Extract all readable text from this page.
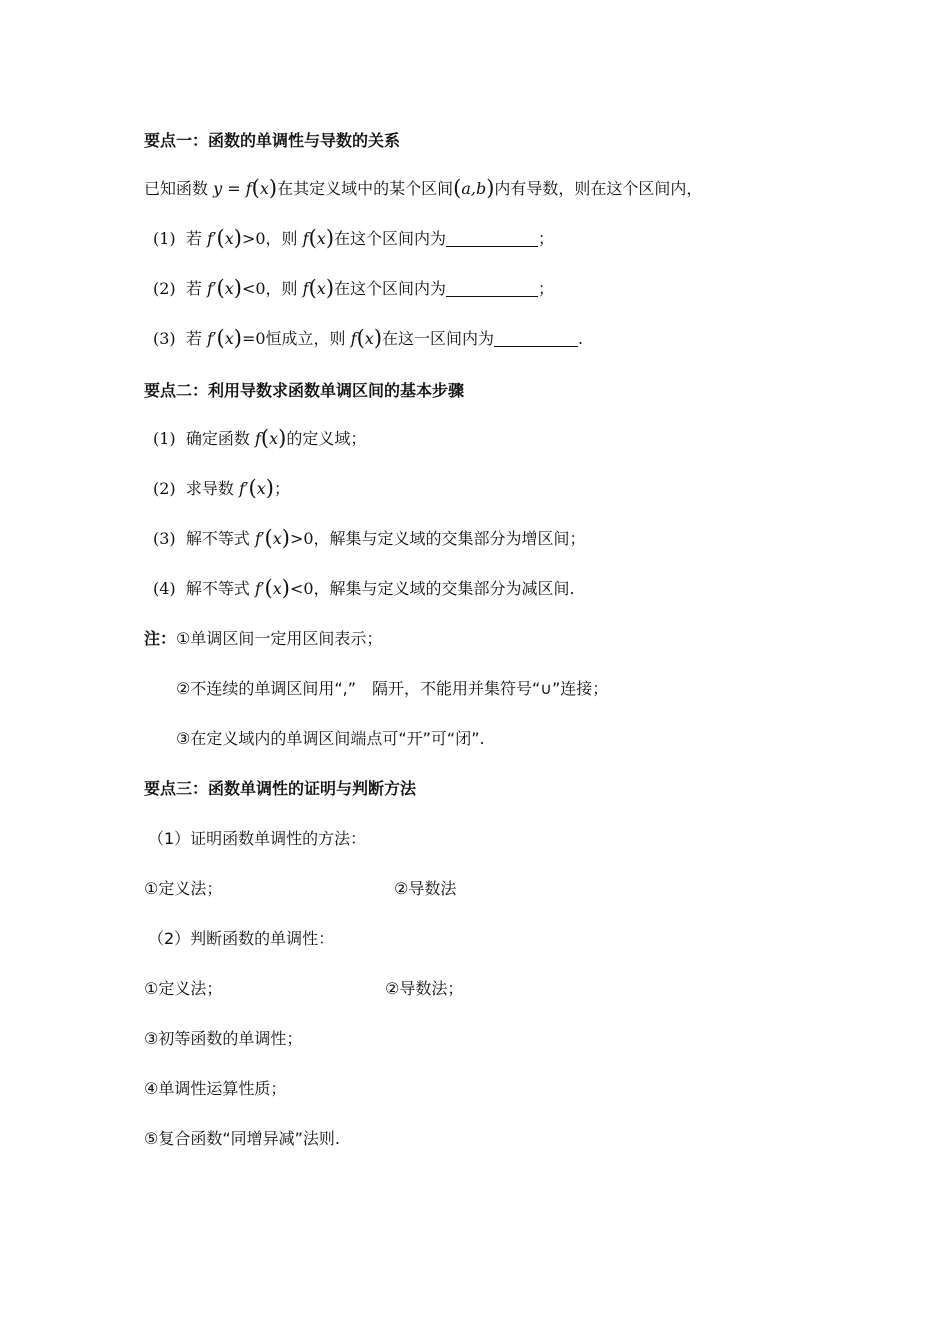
要点一：函数的单调性与导数的关系
已知函数 y = f(x)在其定义域中的某个区间(a,b)内有导数，则在这个区间内，
(1) 若 f′(x)>0，则 f(x)在这个区间内为	；
(2) 若 f′(x)<0，则 f(x)在这个区间内为	；
(3) 若 f′(x)=0恒成立，则 f(x)在这一区间内为	.
要点二：利用导数求函数单调区间的基本步骤
(1) 确定函数 f(x)的定义域；
(2) 求导数 f′(x)；
(3) 解不等式 f′(x)>0，解集与定义域的交集部分为增区间；
(4) 解不等式 f′(x)<0，解集与定义域的交集部分为减区间.
注：①单调区间一定用区间表示；
②不连续的单调区间用“,”　隔开，不能用并集符号“∪”连接；
③在定义域内的单调区间端点可“开”可“闭”.
要点三：函数单调性的证明与判断方法
（1）证明函数单调性的方法：
①定义法；	②导数法
（2）判断函数的单调性：
①定义法；	②导数法；
③初等函数的单调性；
④单调性运算性质；
⑤复合函数“同增异减”法则.
